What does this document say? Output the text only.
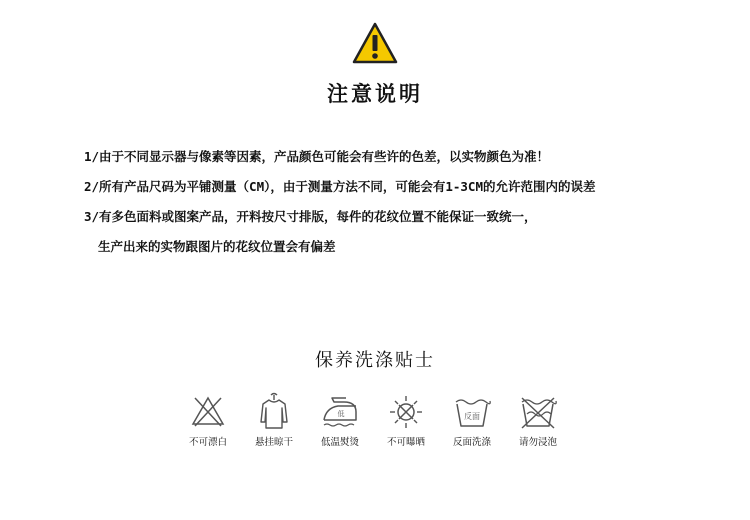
注意说明
1/由于不同显示器与像素等因素，产品颜色可能会有些许的色差，以实物颜色为准！
2/所有产品尺码为平铺测量（CM），由于测量方法不同，可能会有1-3CM的允许范围内的误差
3/有多色面料或图案产品，开料按尺寸排版，每件的花纹位置不能保证一致统一，
生产出来的实物跟图片的花纹位置会有偏差
保养洗涤贴士
不可漂白	悬挂晾干
低
低温熨烫	不可曝晒
反面
反面洗涤	请勿浸泡
